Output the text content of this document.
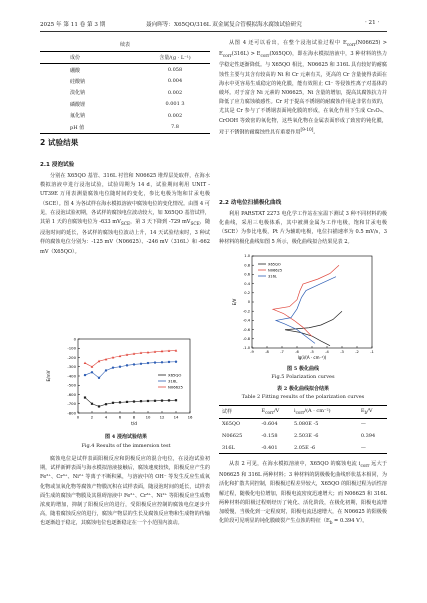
2025 年 第 11 卷 第 3 期	聂向晖等：X65QO/316L 双金属复合管模拟海水腐蚀试验研究	· 21 ·
续表
成份	含量/(g · L⁻¹)
硼酸	0.058
硅酸钠	0.004
溴化钠	0.002
磷酸锂	0.001 3
氟化钠	0.002
pH 值	7.8
2 试验结果
2.1 浸泡试验

分别在 X65QO 基管、316L 衬管和 N06625 堆焊层处取样，在海水模拟溶液中进行浸泡试验，试验周期为 14 d，试验期间利用 UNIT - UT39E 万用表测量腐蚀电位随时间的变化，参比电极为饱和甘汞电极（SCE）。图 4 为各试样在海水模拟溶液中腐蚀电位的变化情况。由图 4 可见，在浸泡试验初期，各试样的腐蚀电位波动较大，如 X65QO 基管试样，其第 1 天的自腐蚀电位为 -633 $mV_{SCE}$，第 3 天下降到 -729 $mV_{SCE}$，随浸泡时间的延长，各试样的腐蚀电位波动上升，14 天试验结束时，3 种试样的腐蚀电位分别为：-125 mV（N06625）、-246 mV（316L）和 -662 mV（X65QO）。

0	2	4	6	8	10 12 14 16
0
-100
-200
-300
-400
-500
-600
-700
-800
t/d
E/mV	X65QO
316L
N06625
图 4 浸泡试验结果
Fig.4 Results of the immersion test

腐蚀电位是试样表面阳极反应和阴极反应的混合电位，在浸泡试验初期，试样新鲜表面与海水模拟溶液接触后，腐蚀速度较快，阳极反应产生的 Fe²⁺、Cr³⁺、Ni²⁺ 等离子不断积累，与溶液中的 OH⁻ 等发生反应生成氧化物或氢氧化物等腐蚀产物膜沉积在试样表面，随浸泡时间的延长，试样表面生成的腐蚀产物膜及其阻碍溶液中 Fe²⁺、Cr³⁺、Ni²⁺ 等阳极反应生成物浓度的增加，抑制了阳极反应的进行，受阳极反应控制的腐蚀电位逐步升高，随着腐蚀反应的进行，腐蚀产物层的生长及腐蚀反应物和生成物的传输也逐渐趋于稳定，其腐蚀电位也逐渐稳定在一个小范围内波动。

从图 4 还可以看出，在整个浸泡试验过程中 $E_{corr}(N06625) > E_{corr}(316L) > E_{corr}(X65QO)$，即在海水模拟溶液中，3 种材料的热力学稳定性逐渐降低。与 X65QO 相比，N06625 和 316L 具有较好的耐腐蚀性主要与其含有较高的 Ni 和 Cr 元素有关，更高的 Cr 含量使得表面在海水中更容易生成稳定的钝化膜，能有效阻止 Cl⁻ 等侵蚀性离子对基体的破坏。对于富含 Ni 元素的 N06625，Ni 含量的增加，提高其腐蚀抗力并降低了应力腐蚀敏感性。Cr 对于提高不锈钢的耐腐蚀作用是非常有效的，尤其是 Cr 参与了不锈钢表面钝化膜的形成，在氧化作用下生成 Cr₂O₃、CrOOH 等致密的氧化物，这些氧化物在金属表面形成了致密的钝化膜，对于不锈钢的耐腐蚀性具有重要作用[9-10]。

2.2 动电位扫描极化曲线

利用 PARSTAT 2273 电化学工作站在室温下测试 3 种不同材料的极化曲线，采用三电极体系，其中被测金属为工作电极，饱和甘汞电极（SCE）为参比电极，Pt 片为辅助电极，电位扫描速率为 0.5 mV/s，3 种材料的极化曲线如图 5 所示，极化曲线拟合结果见表 2。

-9	-8	-7	-6	-5	-4	-3	-2	-1
1.0
0.8
0.6
0.4
0.2
0
-0.2
-0.4
-0.6
-0.8
-1.0
lg(i/(A · cm⁻²))
E/V
X65QO
N06625
316L
图 5 极化曲线
Fig.5 Polarization curves
表 2 极化曲线拟合结果
Table 2 Fitting results of the polarization curves
试样	$E_{corr}/V$	$i_{corr}/(A \cdot cm^{-2})$	$E_b/V$
X65QO	-0.604	5.080E -5	—
N06625	-0.158	2.503E -6	0.394
316L	-0.401	2.05E -6	—

从表 2 可见，在海水模拟溶液中，X65QO 的腐蚀电流 $i_{corr}$ 远大于 N06625 和 316L 两种材料；3 种材料的阴极极化曲线形状基本相同，为活化和扩散共同控制，阳极极过程差异较大，X65QO 的阳极过程为活性溶解过程，随极化电位增加，阳极电流密度迅速增大；而 N06625 和 316L 两种材料的阳极过程则经历了钝化、活化阶段，在极化初期，阳极电流增加缓慢，当极化到一定程度时，阳极电流迅速增大，在 N06625 的阳极极化阶段可见明显的钝化膜破裂产生点蚀的特征（$E_b = 0.394$ V）。
